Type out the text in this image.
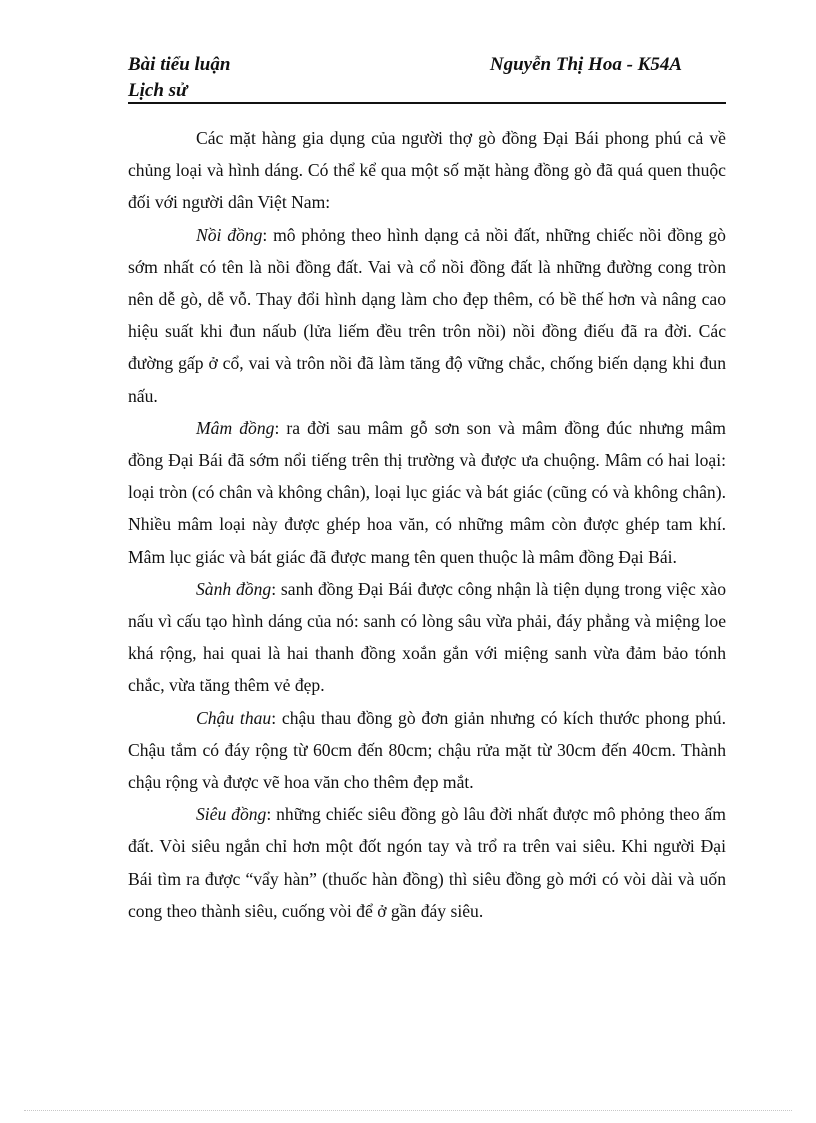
Bài tiểu luận	Nguyễn Thị Hoa - K54A
Lịch sử

Các mặt hàng gia dụng của người thợ gò đồng Đại Bái phong phú cả về chủng loại và hình dáng. Có thể kể qua một số mặt hàng đồng gò đã quá quen thuộc đối với người dân Việt Nam:

Nồi đồng: mô phỏng theo hình dạng cả nồi đất, những chiếc nồi đồng gò sớm nhất có tên là nồi đồng đất. Vai và cổ nồi đồng đất là những đường cong tròn nên dễ gò, dễ vỗ. Thay đổi hình dạng làm cho đẹp thêm, có bề thế hơn và nâng cao hiệu suất khi đun nấub (lửa liếm đều trên trôn nồi) nồi đồng điếu đã ra đời. Các đường gấp ở cổ, vai và trôn nồi đã làm tăng độ vững chắc, chống biến dạng khi đun nấu.

Mâm đồng: ra đời sau mâm gỗ sơn son và mâm đồng đúc nhưng mâm đồng Đại Bái đã sớm nổi tiếng trên thị trường và được ưa chuộng. Mâm có hai loại: loại tròn (có chân và không chân), loại lục giác và bát giác (cũng có và không chân). Nhiều mâm loại này được ghép hoa văn, có những mâm còn được ghép tam khí. Mâm lục giác và bát giác đã được mang tên quen thuộc là mâm đồng Đại Bái.

Sành đồng: sanh đồng Đại Bái được công nhận là tiện dụng trong việc xào nấu vì cấu tạo hình dáng của nó: sanh có lòng sâu vừa phải, đáy phẳng và miệng loe khá rộng, hai quai là hai thanh đồng xoắn gắn với miệng sanh vừa đảm bảo tónh chắc, vừa tăng thêm vẻ đẹp.

Chậu thau: chậu thau đồng gò đơn giản nhưng có kích thước phong phú. Chậu tắm có đáy rộng từ 60cm đến 80cm; chậu rửa mặt từ 30cm đến 40cm. Thành chậu rộng và được vẽ hoa văn cho thêm đẹp mắt.

Siêu đồng: những chiếc siêu đồng gò lâu đời nhất được mô phỏng theo ấm đất. Vòi siêu ngắn chỉ hơn một đốt ngón tay và trổ ra trên vai siêu. Khi người Đại Bái tìm ra được “vẩy hàn” (thuốc hàn đồng) thì siêu đồng gò mới có vòi dài và uốn cong theo thành siêu, cuống vòi để ở gần đáy siêu.
